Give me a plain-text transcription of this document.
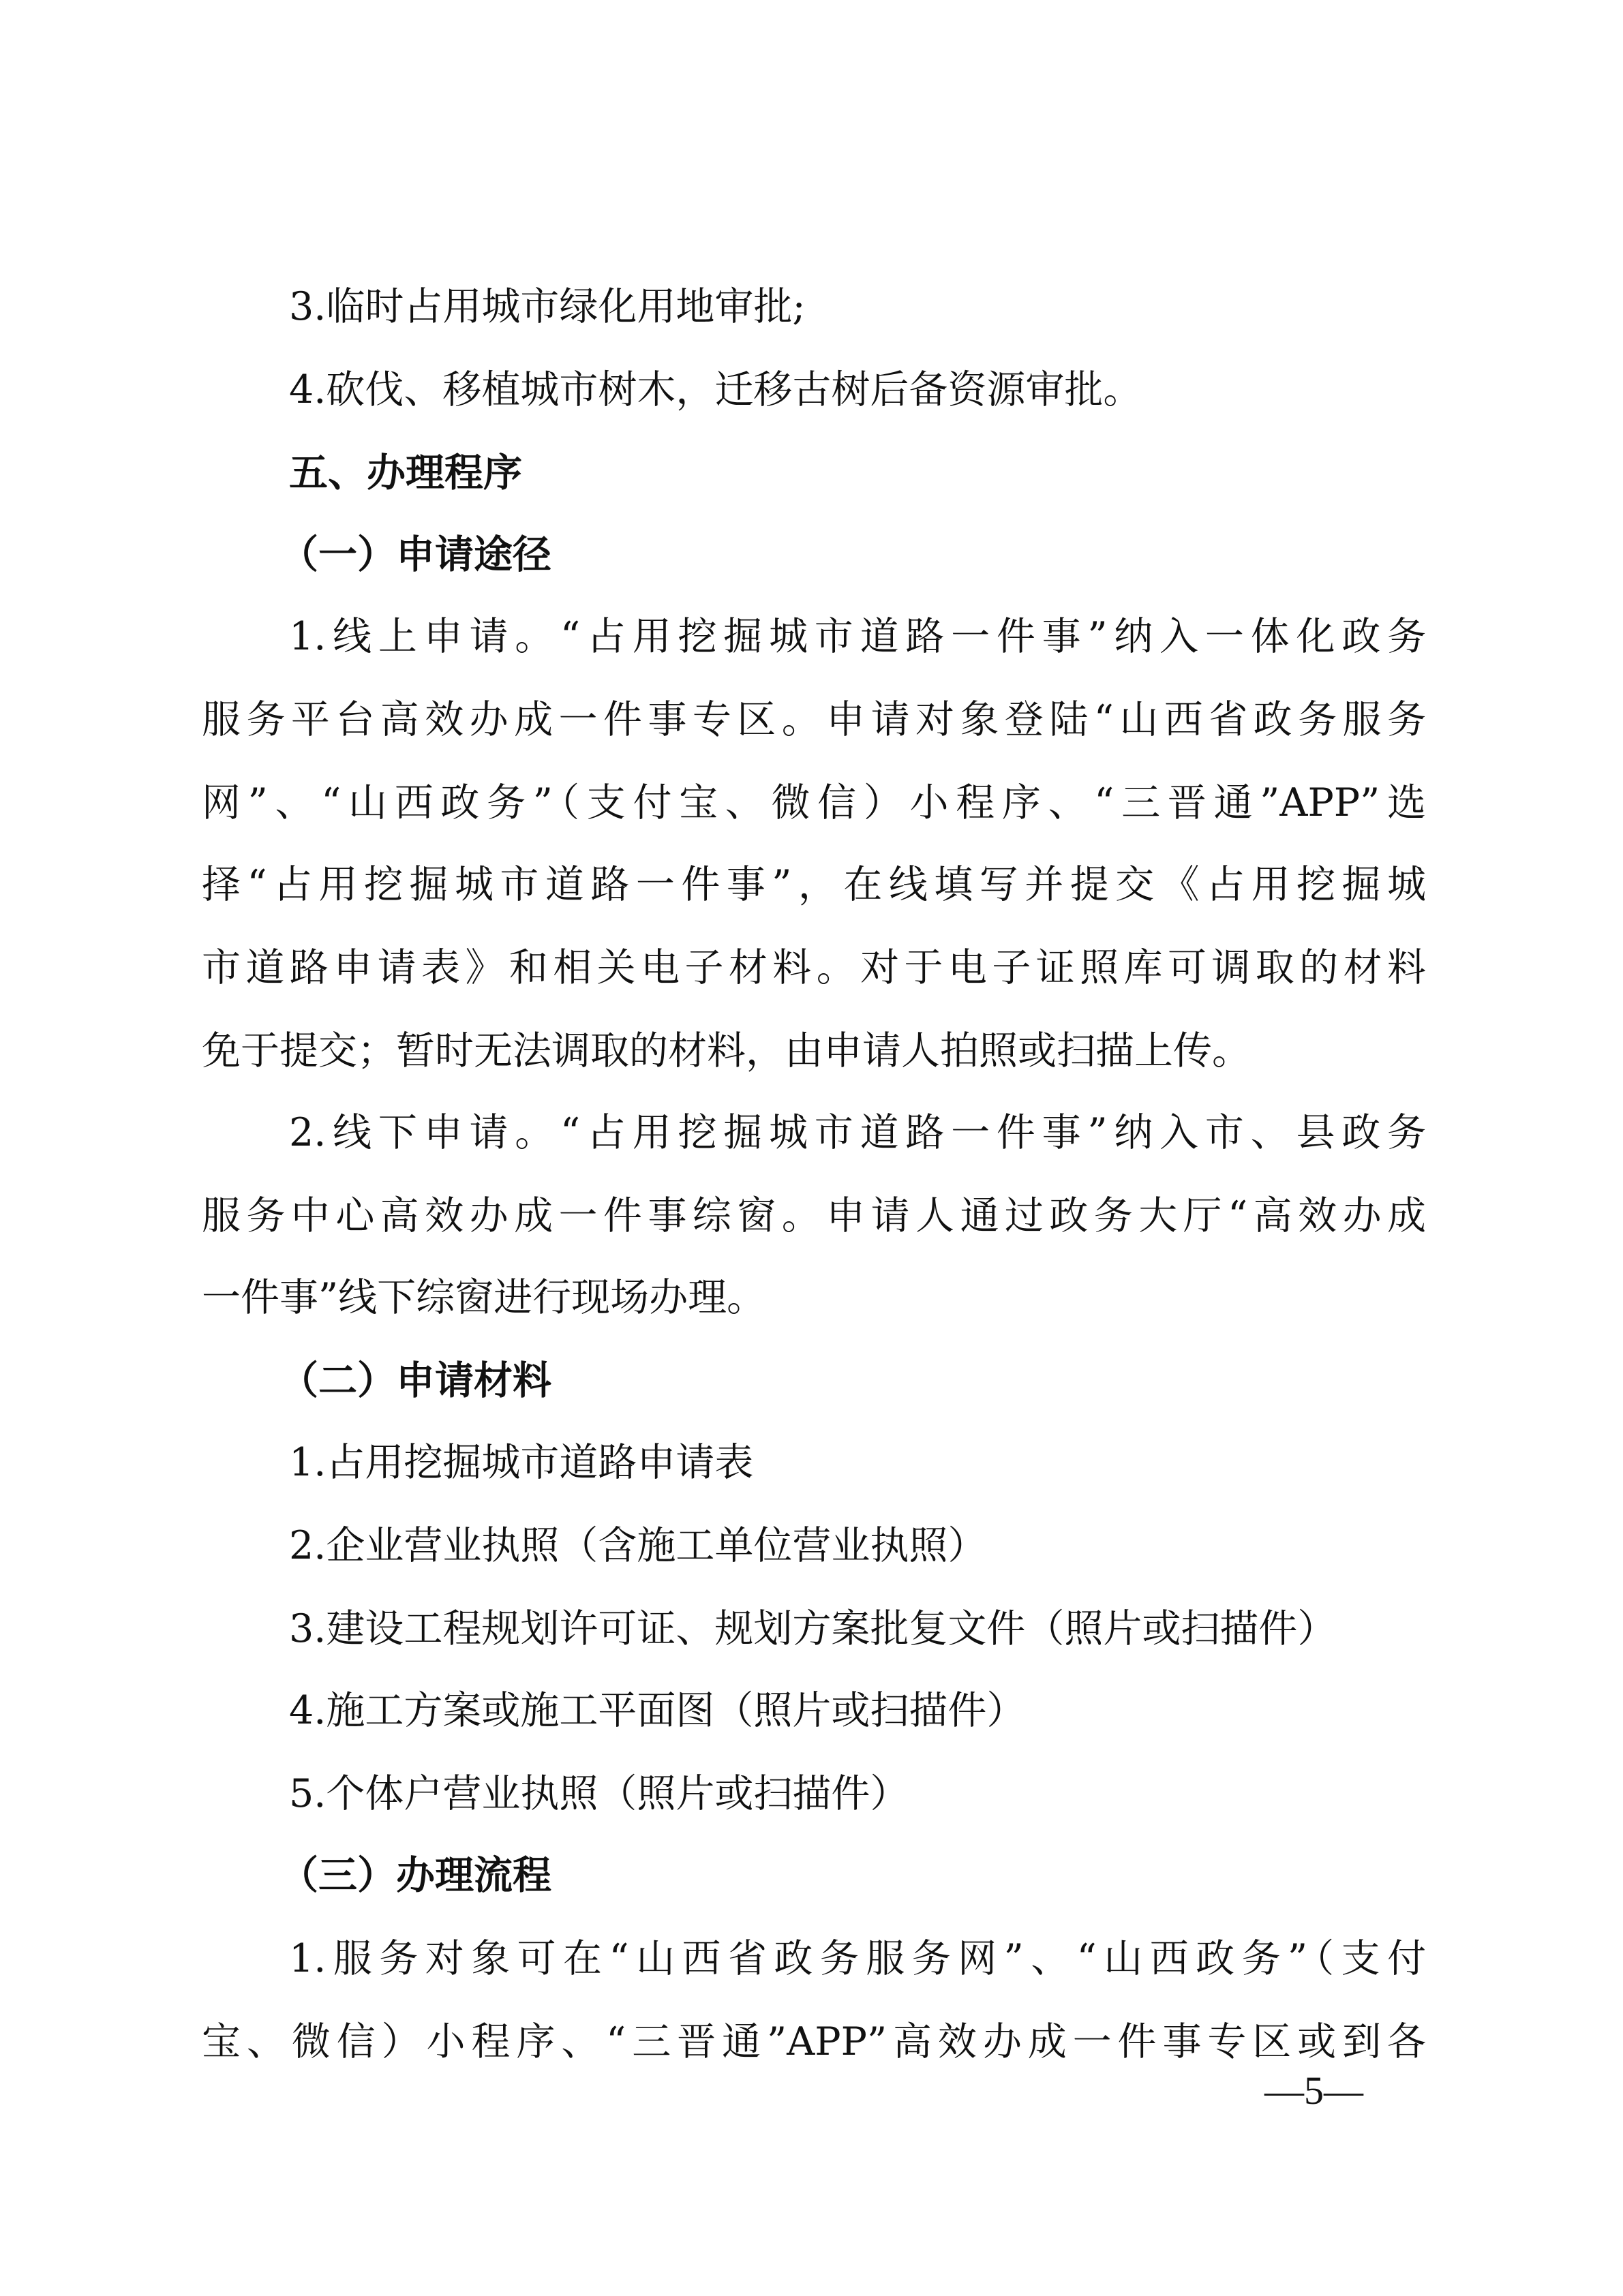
3.临时占用城市绿化用地审批;
4.砍伐、移植城市树木，迁移古树后备资源审批。
五、办理程序
（一）申请途径
1.线上申请。“占用挖掘城市道路一件事”纳入一体化政务
服务平台高效办成一件事专区。申请对象登陆“山西省政务服务
网”、“山西政务”（支付宝、微信）小程序、“三晋通”APP”选
择“占用挖掘城市道路一件事”，在线填写并提交《占用挖掘城
市道路申请表》和相关电子材料。对于电子证照库可调取的材料
免于提交；暂时无法调取的材料，由申请人拍照或扫描上传。
2.线下申请。“占用挖掘城市道路一件事”纳入市、县政务
服务中心高效办成一件事综窗。申请人通过政务大厅“高效办成
一件事”线下综窗进行现场办理。
（二）申请材料
1.占用挖掘城市道路申请表
2.企业营业执照（含施工单位营业执照）
3.建设工程规划许可证、规划方案批复文件（照片或扫描件）
4.施工方案或施工平面图（照片或扫描件）
5.个体户营业执照（照片或扫描件）
（三）办理流程
1.服务对象可在“山西省政务服务网”、“山西政务”（支付
宝、微信）小程序、“三晋通”APP”高效办成一件事专区或到各
—5—
